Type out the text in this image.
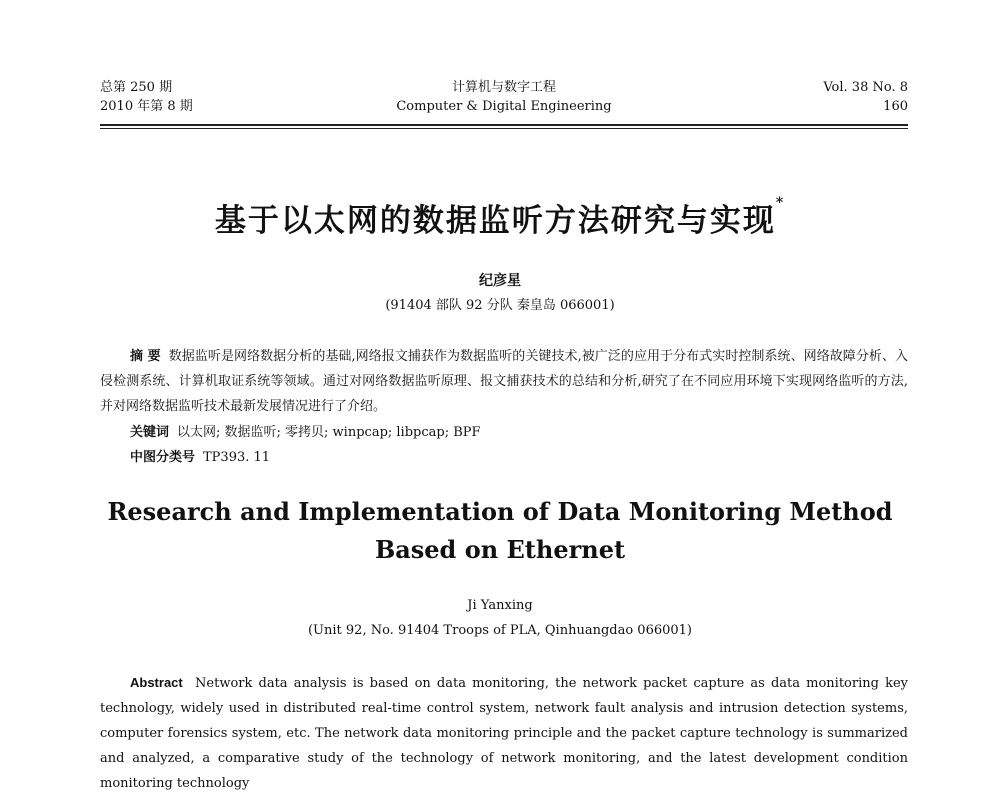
总第 250 期
2010 年第 8 期
计算机与数字工程
Computer & Digital Engineering
Vol. 38 No. 8
160
基于以太网的数据监听方法研究与实现*
纪彦星
(91404 部队 92 分队 秦皇岛 066001)
摘 要 数据监听是网络数据分析的基础,网络报文捕获作为数据监听的关键技术,被广泛的应用于分布式实时控制系统、网络故障分析、入侵检测系统、计算机取证系统等领域。通过对网络数据监听原理、报文捕获技术的总结和分析,研究了在不同应用环境下实现网络监听的方法,并对网络数据监听技术最新发展情况进行了介绍。
关键词 以太网; 数据监听; 零拷贝; winpcap; libpcap; BPF
中图分类号 TP393. 11
Research and Implementation of Data Monitoring Method
Based on Ethernet
Ji Yanxing
(Unit 92, No. 91404 Troops of PLA, Qinhuangdao 066001)
Abstract Network data analysis is based on data monitoring, the network packet capture as data monitoring key technology, widely used in distributed real-time control system, network fault analysis and intrusion detection systems, computer forensics system, etc. The network data monitoring principle and the packet capture technology is summarized and analyzed, a comparative study of the technology of network monitoring, and the latest development condition monitoring technology
